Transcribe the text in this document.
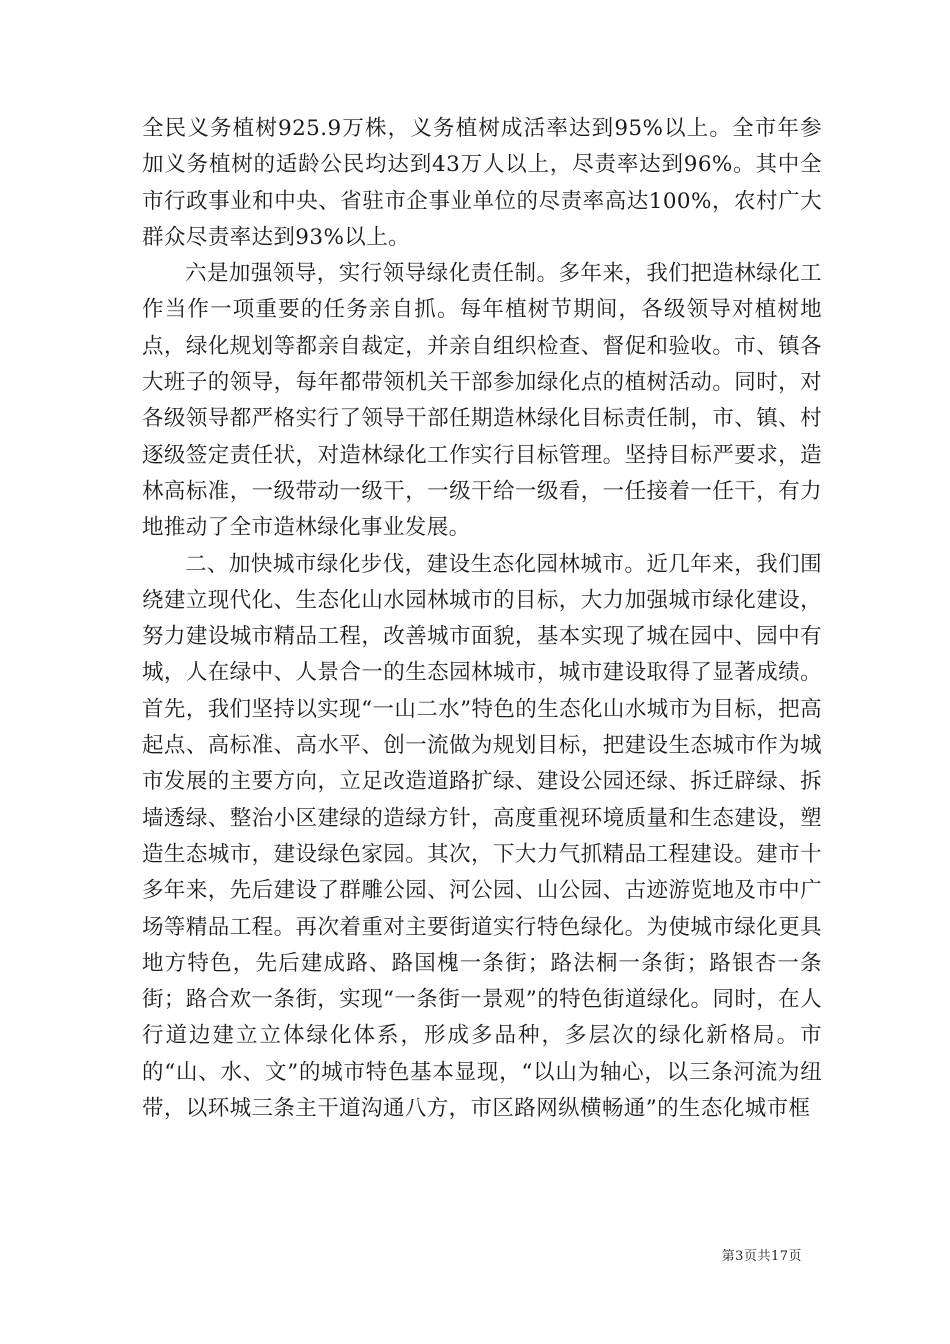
全民义务植树925.9万株，义务植树成活率达到95%以上。全市年参加义务植树的适龄公民均达到43万人以上，尽责率达到96%。其中全市行政事业和中央、省驻市企事业单位的尽责率高达100%，农村广大群众尽责率达到93%以上。

六是加强领导，实行领导绿化责任制。多年来，我们把造林绿化工作当作一项重要的任务亲自抓。每年植树节期间，各级领导对植树地点，绿化规划等都亲自裁定，并亲自组织检查、督促和验收。市、镇各大班子的领导，每年都带领机关干部参加绿化点的植树活动。同时，对各级领导都严格实行了领导干部任期造林绿化目标责任制，市、镇、村逐级签定责任状，对造林绿化工作实行目标管理。坚持目标严要求，造林高标准，一级带动一级干，一级干给一级看，一任接着一任干，有力地推动了全市造林绿化事业发展。

二、加快城市绿化步伐，建设生态化园林城市。近几年来，我们围绕建立现代化、生态化山水园林城市的目标，大力加强城市绿化建设，努力建设城市精品工程，改善城市面貌，基本实现了城在园中、园中有城，人在绿中、人景合一的生态园林城市，城市建设取得了显著成绩。首先，我们坚持以实现“一山二水”特色的生态化山水城市为目标，把高起点、高标准、高水平、创一流做为规划目标，把建设生态城市作为城市发展的主要方向，立足改造道路扩绿、建设公园还绿、拆迁辟绿、拆墙透绿、整治小区建绿的造绿方针，高度重视环境质量和生态建设，塑造生态城市，建设绿色家园。其次，下大力气抓精品工程建设。建市十多年来，先后建设了群雕公园、河公园、山公园、古迹游览地及市中广场等精品工程。再次着重对主要街道实行特色绿化。为使城市绿化更具地方特色，先后建成路、路国槐一条街；路法桐一条街；路银杏一条街；路合欢一条街，实现“一条街一景观”的特色街道绿化。同时，在人行道边建立立体绿化体系，形成多品种，多层次的绿化新格局。市的“山、水、文”的城市特色基本显现，“以山为轴心，以三条河流为纽带，以环城三条主干道沟通八方，市区路网纵横畅通”的生态化城市框

第3页共17页
